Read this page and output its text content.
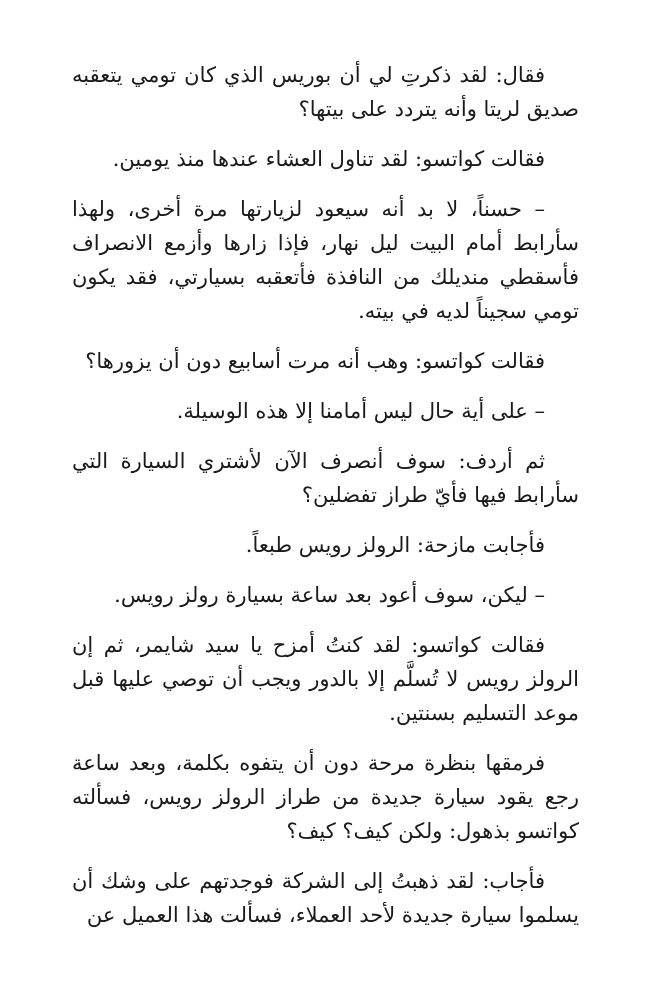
فقال: لقد ذكرتِ لي أن بوريس الذي كان تومي يتعقبه صديق لريتا وأنه يتردد على بيتها؟

فقالت كواتسو: لقد تناول العشاء عندها منذ يومين.

– حسناً، لا بد أنه سيعود لزيارتها مرة أخرى، ولهذا سأرابط أمام البيت ليل نهار، فإذا زارها وأزمع الانصراف فأسقطي منديلك من النافذة فأتعقبه بسيارتي، فقد يكون تومي سجيناً لديه في بيته.

فقالت كواتسو: وهب أنه مرت أسابيع دون أن يزورها؟

– على أية حال ليس أمامنا إلا هذه الوسيلة.

ثم أردف: سوف أنصرف الآن لأشتري السيارة التي سأرابط فيها فأيّ طراز تفضلين؟

فأجابت مازحة: الرولز رويس طبعاً.

– ليكن، سوف أعود بعد ساعة بسيارة رولز رويس.

فقالت كواتسو: لقد كنتُ أمزح يا سيد شايمر، ثم إن الرولز رويس لا تُسلَّم إلا بالدور ويجب أن توصي عليها قبل موعد التسليم بسنتين.

فرمقها بنظرة مرحة دون أن يتفوه بكلمة، وبعد ساعة رجع يقود سيارة جديدة من طراز الرولز رويس، فسألته كواتسو بذهول: ولكن كيف؟ كيف؟

فأجاب: لقد ذهبتُ إلى الشركة فوجدتهم على وشك أن يسلموا سيارة جديدة لأحد العملاء، فسألت هذا العميل عن
